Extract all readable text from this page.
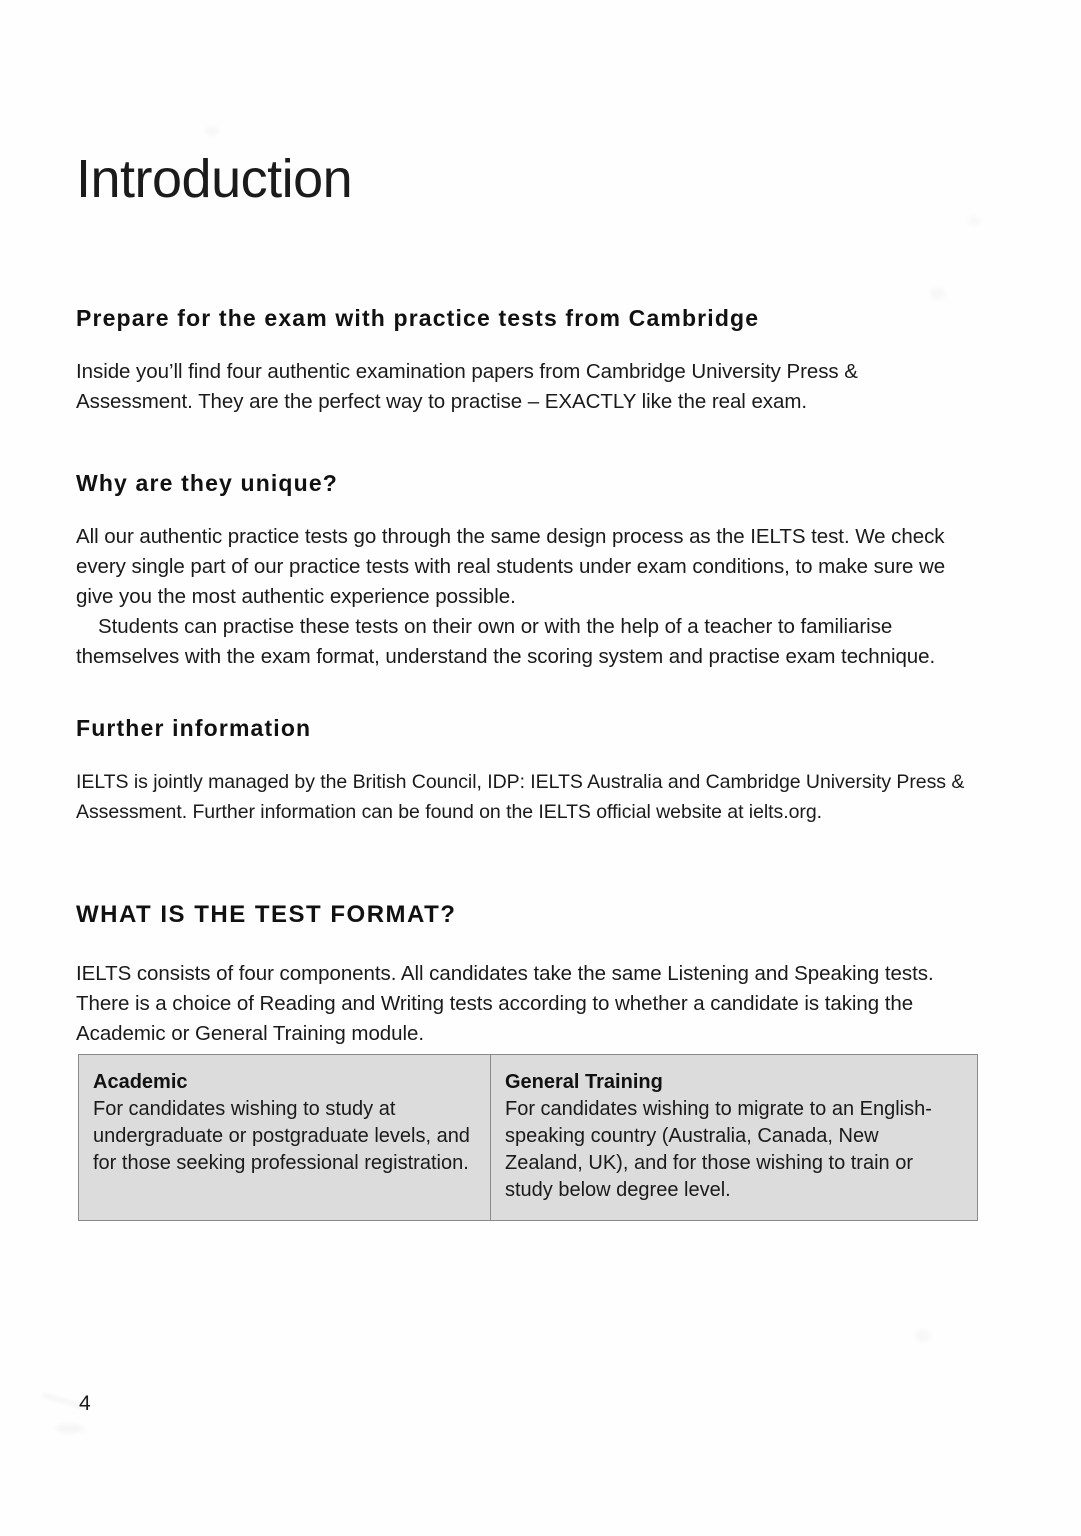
Introduction
Prepare for the exam with practice tests from Cambridge

Inside you’ll find four authentic examination papers from Cambridge University Press & Assessment. They are the perfect way to practise – EXACTLY like the real exam.

Why are they unique?

All our authentic practice tests go through the same design process as the IELTS test. We check every single part of our practice tests with real students under exam conditions, to make sure we give you the most authentic experience possible.

Students can practise these tests on their own or with the help of a teacher to familiarise themselves with the exam format, understand the scoring system and practise exam technique.

Further information

IELTS is jointly managed by the British Council, IDP: IELTS Australia and Cambridge University Press & Assessment. Further information can be found on the IELTS official website at ielts.org.

WHAT IS THE TEST FORMAT?

IELTS consists of four components. All candidates take the same Listening and Speaking tests. There is a choice of Reading and Writing tests according to whether a candidate is taking the Academic or General Training module.

Academic

For candidates wishing to study at undergraduate or postgraduate levels, and for those seeking professional registration.

General Training

For candidates wishing to migrate to an English-speaking country (Australia, Canada, New Zealand, UK), and for those wishing to train or study below degree level.

4
